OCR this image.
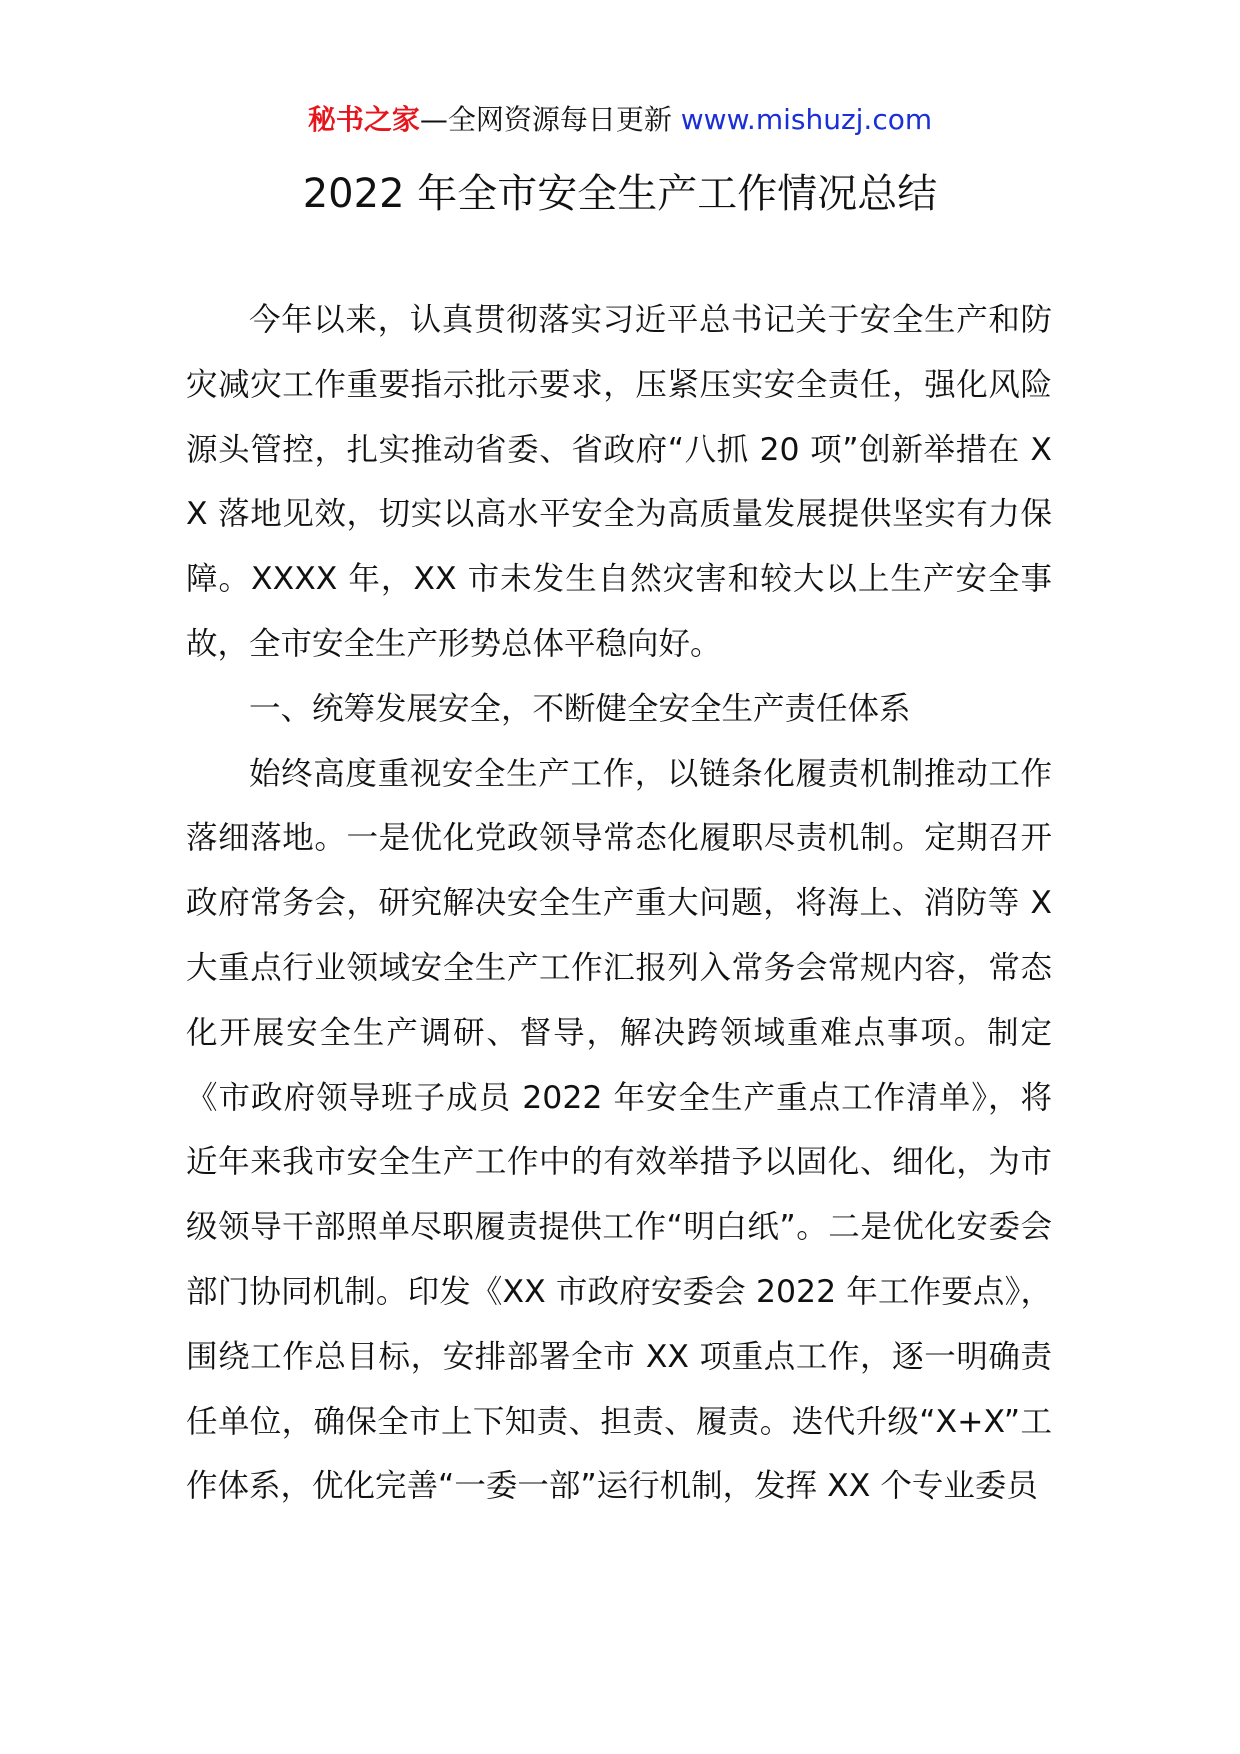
秘书之家—全网资源每日更新 www.mishuzj.com
2022 年全市安全生产工作情况总结

今年以来，认真贯彻落实习近平总书记关于安全生产和防灾减灾工作重要指示批示要求，压紧压实安全责任，强化风险源头管控，扎实推动省委、省政府“八抓 20 项”创新举措在 XX 落地见效，切实以高水平安全为高质量发展提供坚实有力保障。XXXX 年，XX 市未发生自然灾害和较大以上生产安全事故，全市安全生产形势总体平稳向好。

一、统筹发展安全，不断健全安全生产责任体系

始终高度重视安全生产工作，以链条化履责机制推动工作落细落地。一是优化党政领导常态化履职尽责机制。定期召开政府常务会，研究解决安全生产重大问题，将海上、消防等 X 大重点行业领域安全生产工作汇报列入常务会常规内容，常态化开展安全生产调研、督导，解决跨领域重难点事项。制定《市政府领导班子成员 2022 年安全生产重点工作清单》，将近年来我市安全生产工作中的有效举措予以固化、细化，为市级领导干部照单尽职履责提供工作“明白纸”。二是优化安委会部门协同机制。印发《XX 市政府安委会 2022 年工作要点》，围绕工作总目标，安排部署全市 XX 项重点工作，逐一明确责任单位，确保全市上下知责、担责、履责。迭代升级“X+X”工作体系，优化完善“一委一部”运行机制，发挥 XX 个专业委员
